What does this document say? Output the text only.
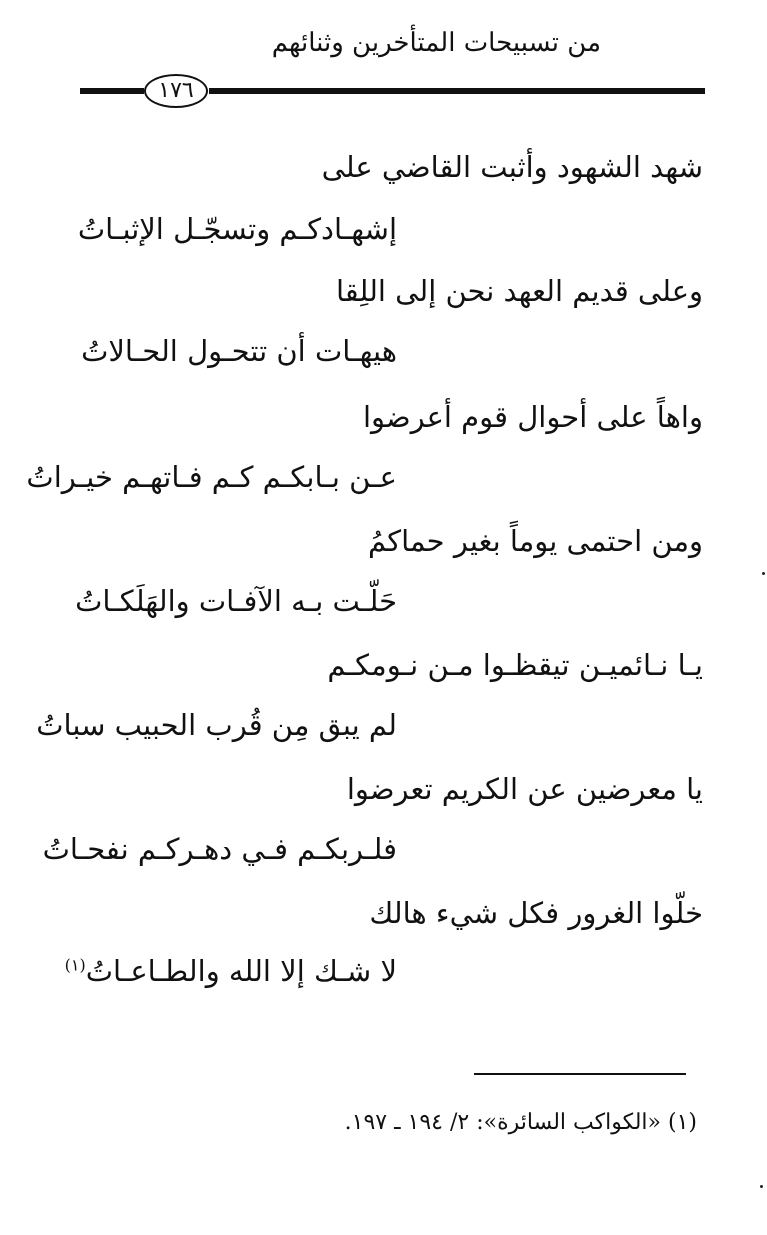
من تسبيحات المتأخرين وثنائهم
١٧٦
شهد الشهود وأثبت القاضي على
إشهـادكـم وتسجّـل الإثبـاتُ
وعلى قديم العهد نحن إلى اللِقا
هيهـات أن تتحـول الحـالاتُ
واهاً على أحوال قوم أعرضوا
عـن بـابكـم كـم فـاتهـم خيـراتُ
ومن احتمى يوماً بغير حماكمُ
حَلّـت بـه الآفـات والهَلَكـاتُ
يـا نـائميـن تيقظـوا مـن نـومكـم
لم يبق مِن قُرب الحبيب سباتُ
يا معرضين عن الكريم تعرضوا
فلـربكـم فـي دهـركـم نفحـاتُ
خلّوا الغرور فكل شيء هالك
لا شـك إلا الله والطـاعـاتُ$^{(١)}$
(١) «الكواكب السائرة»: ٢/ ١٩٤ ـ ١٩٧.
